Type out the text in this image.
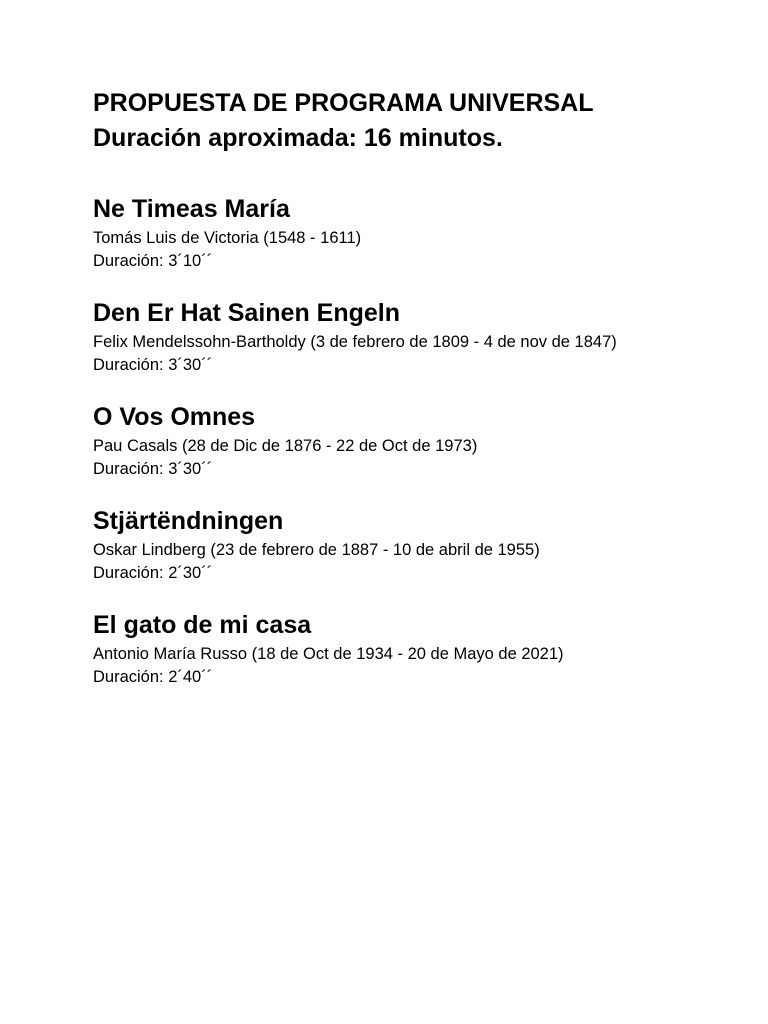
PROPUESTA DE PROGRAMA UNIVERSAL

Duración aproximada: 16 minutos.

Ne Timeas María

Tomás Luis de Victoria (1548 - 1611)

Duración: 3´10´´

Den Er Hat Sainen Engeln

Felix Mendelssohn-Bartholdy (3 de febrero de 1809 - 4 de nov de 1847)

Duración: 3´30´´

O Vos Omnes

Pau Casals (28 de Dic de 1876 - 22 de Oct de 1973)

Duración: 3´30´´

Stjärtëndningen

Oskar Lindberg (23 de febrero de 1887 - 10 de abril de 1955)

Duración: 2´30´´

El gato de mi casa

Antonio María Russo (18 de Oct de 1934 - 20 de Mayo de 2021)

Duración: 2´40´´
